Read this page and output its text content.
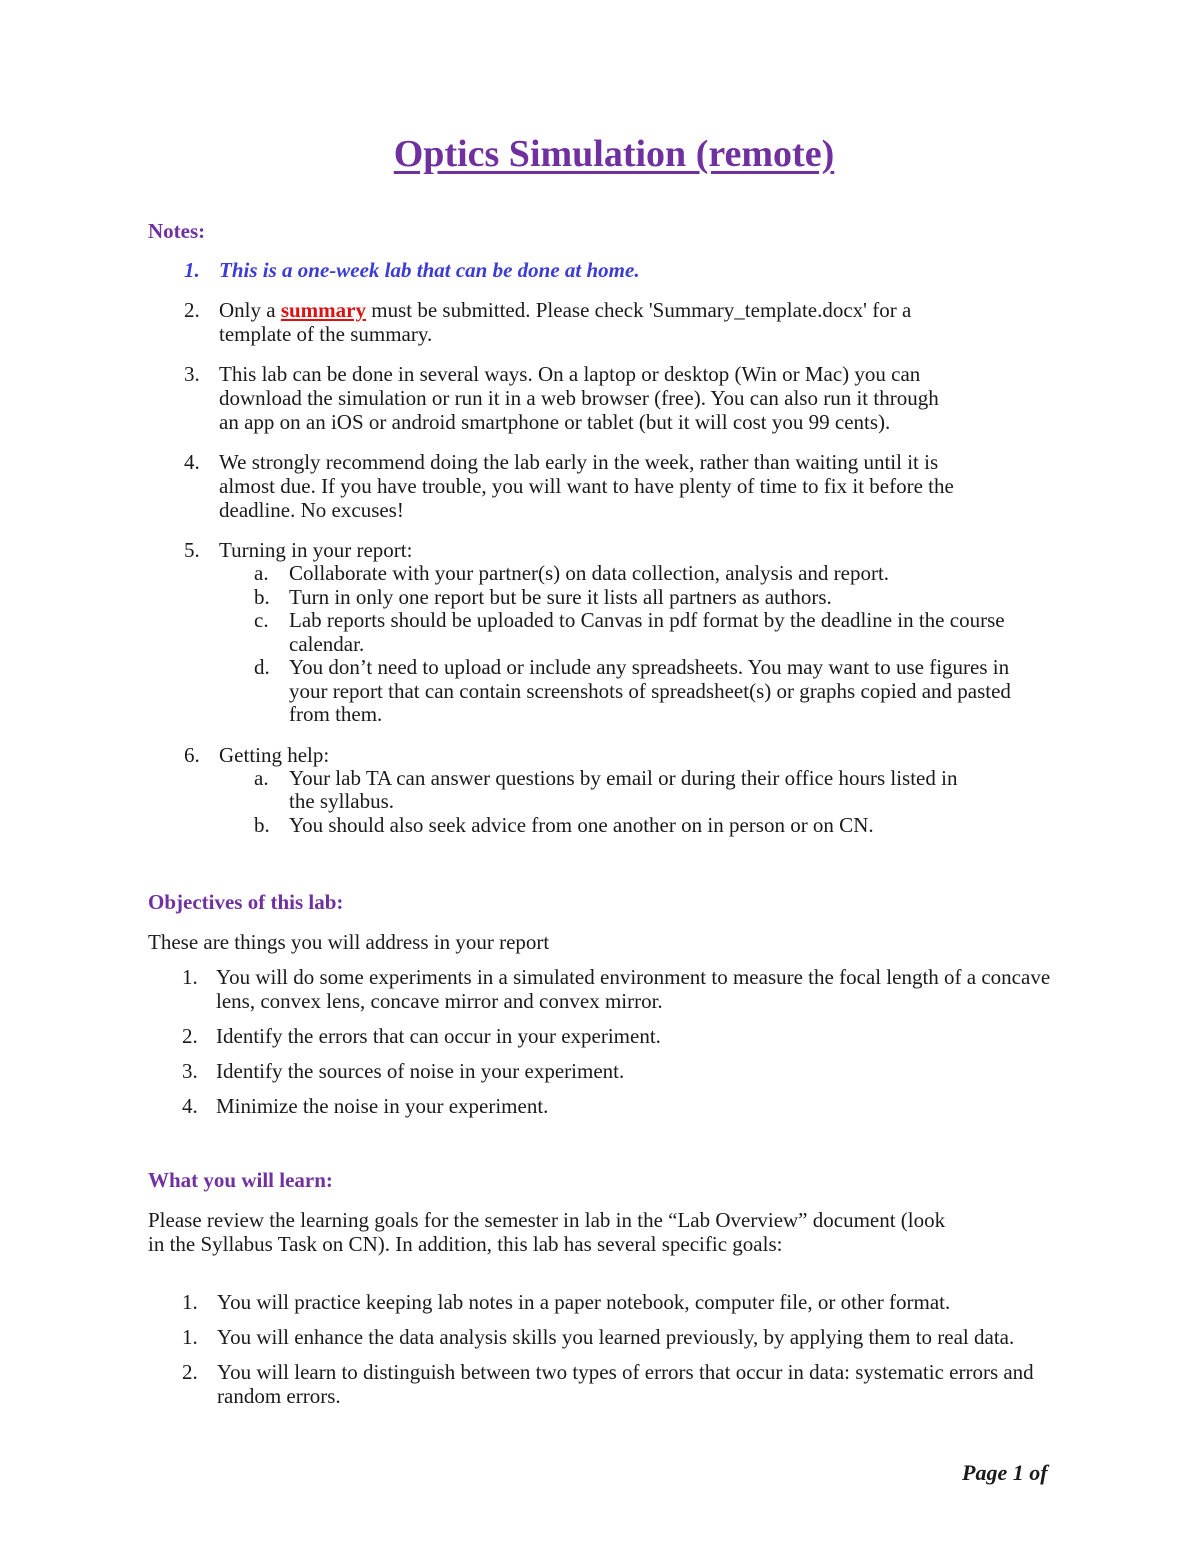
Optics Simulation (remote)

Notes:

1. This is a one-week lab that can be done at home.
2. Only a summary must be submitted. Please check 'Summary_template.docx' for a template of the summary.
3. This lab can be done in several ways. On a laptop or desktop (Win or Mac) you can download the simulation or run it in a web browser (free). You can also run it through an app on an iOS or android smartphone or tablet (but it will cost you 99 cents).
4. We strongly recommend doing the lab early in the week, rather than waiting until it is almost due. If you have trouble, you will want to have plenty of time to fix it before the deadline. No excuses!
5. Turning in your report:
a. Collaborate with your partner(s) on data collection, analysis and report.
b. Turn in only one report but be sure it lists all partners as authors.
c. Lab reports should be uploaded to Canvas in pdf format by the deadline in the course calendar.
d. You don’t need to upload or include any spreadsheets. You may want to use figures in your report that can contain screenshots of spreadsheet(s) or graphs copied and pasted from them.
6. Getting help:
a. Your lab TA can answer questions by email or during their office hours listed in the syllabus.
b. You should also seek advice from one another on in person or on CN.

Objectives of this lab:

These are things you will address in your report

1. You will do some experiments in a simulated environment to measure the focal length of a concave lens, convex lens, concave mirror and convex mirror.
2. Identify the errors that can occur in your experiment.
3. Identify the sources of noise in your experiment.
4. Minimize the noise in your experiment.

What you will learn:

Please review the learning goals for the semester in lab in the “Lab Overview” document (look in the Syllabus Task on CN). In addition, this lab has several specific goals:

1. You will practice keeping lab notes in a paper notebook, computer file, or other format.
1. You will enhance the data analysis skills you learned previously, by applying them to real data.
2. You will learn to distinguish between two types of errors that occur in data: systematic errors and random errors.

Page 1 of
